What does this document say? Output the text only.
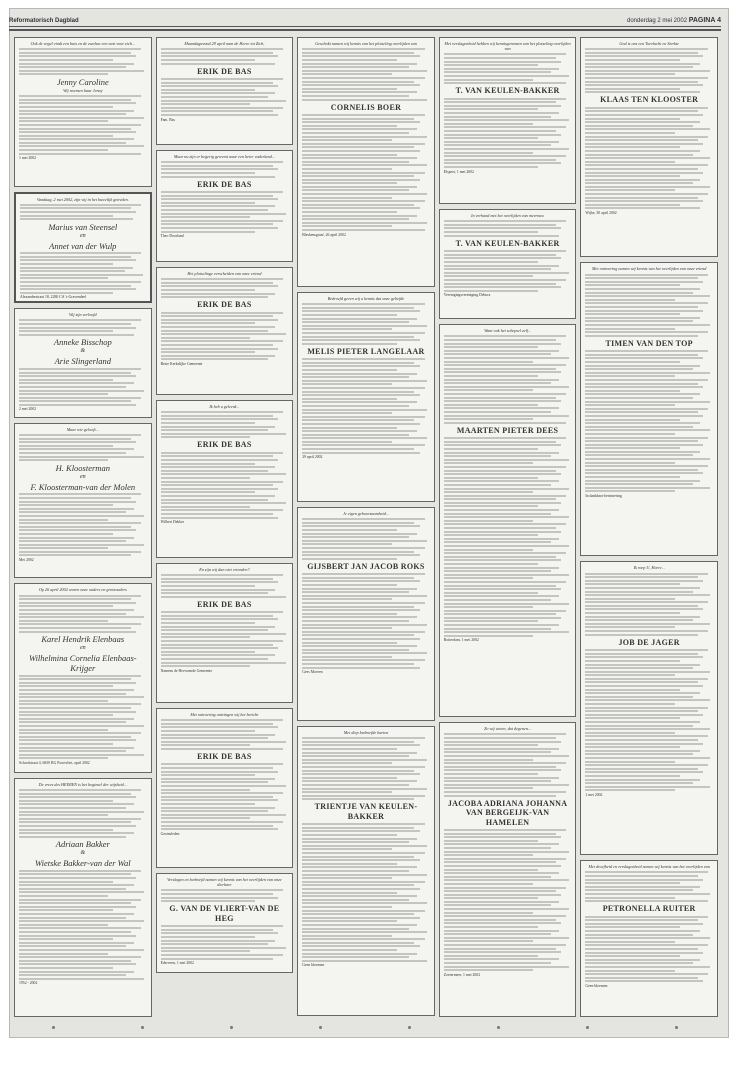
Reformatorisch Dagblad	donderdag 2 mei 2002 PAGINA 4

Ook de vogel vindt een huis en de zwaluw een nest voor zich...

Jenny Caroline

Wij noemen haar Jenny

1 mei 2002

Vandaag, 2 mei 2002, zijn wij in het huwelijk getreden.

Marius van Steensel
en
Annet van der Wulp

Alexanderstraat 18, 2280 CA 's-Gravendeel

Wij zijn verloofd

Anneke Bisschop
&
Arie Slingerland

2 mei 2002

Maar wie gelooft...

H. Kloosterman
en
F. Kloosterman-van der Molen

Mei 2002

Op 26 april 2002 waren onze ouders en grootouders

Karel Hendrik Elenbaas
en
Wilhelmina Cornelia Elenbaas-Krijger

Schoolstraat 4, 6650 BG Poortvliet, april 2002

De vrees des HEEREN is het beginsel der wijsheid...

Adriaan Bakker
&
Wietske Bakker-van der Wal

1952 - 2002

Maandagavond 29 april nam de Heere tot Zich,

ERIK DE BAS

Fam. Bas

Maar nu zijn er begerig geweest naar een beter vaderland...

ERIK DE BAS

Theo Doorland

Het plotselinge verscheiden van onze vriend

ERIK DE BAS

Beste Kerkelijke Gemeente

Ik heb u geleerd...

ERIK DE BAS

Wilbert Dekker

En zijn wij dan niet vrienden?

ERIK DE BAS

Namens de Hervormde Gemeente

Met ontroering ontvingen wij het bericht

ERIK DE BAS

Gezinsleden

Verslagen en bedroefd namen wij kennis van het overlijden van onze dierbare

G. VAN DE VLIERT-VAN DE HEG

Ederveen, 1 mei 2002

Geschokt namen wij kennis van het plotseling overlijden van

CORNELIS BOER

Bleskensgraaf, 26 april 2002

Bedroefd geven wij u kennis dat onze geliefde

MELIS PIETER LANGELAAR

29 april 2002

Je eigen gehoorzaamheid...

GIJSBERT JAN JACOB ROKS

Gees Moeren

Met diep bedroefde harten

TRIENTJE VAN KEULEN-BAKKER

Geen bloemen

Met verslagenheid hebben wij kennisgenomen van het plotseling overlijden van

T. VAN KEULEN-BAKKER

Elspeet, 1 mei 2002

In verband met het overlijden van mevrouw

T. VAN KEULEN-BAKKER

Verenigingsvereniging Debora

Want ook het schepsel zelf...

MAARTEN PIETER DEES

Rotterdam, 1 mei 2002

Zo wij weten, dat degenen...

JACOBA ADRIANA JOHANNA VAN BERGEIJK-VAN HAMELEN

Zoetermeer, 1 mei 2002

God is ons een Toevlucht en Sterkte

KLAAS TEN KLOOSTER

Wijhe, 30 april 2002

Met ontroering namen wij kennis van het overlijden van onze vriend

TIMEN VAN DEN TOP

In dankbare herinnering

Ik roep U, Heere...

JOB DE JAGER

1 mei 2002

Met droefheid en verslagenheid nemen wij kennis van het overlijden van

PETRONELLA RUITER

Geen bloemen
